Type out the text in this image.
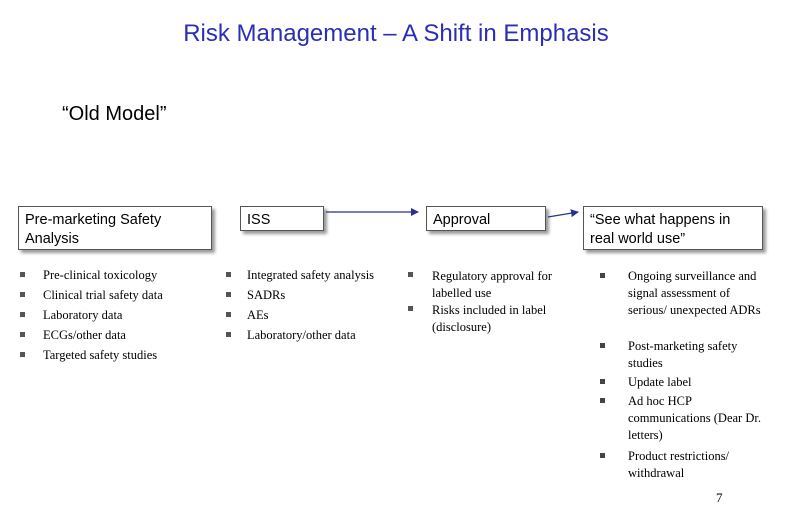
Risk Management – A Shift in Emphasis
“Old Model”
Pre-marketing Safety Analysis
ISS	Approval	“See what happens in real world use”
Pre-clinical toxicology
Clinical trial safety data
Laboratory data
ECGs/other data
Targeted safety studies
Integrated safety analysis
SADRs
AEs
Laboratory/other data
Regulatory approval for labelled use
Risks included in label (disclosure)
Ongoing surveillance and signal assessment of serious/ unexpected ADRs
Post-marketing safety studies
Update label
Ad hoc HCP communications (Dear Dr. letters)
Product restrictions/ withdrawal
7
